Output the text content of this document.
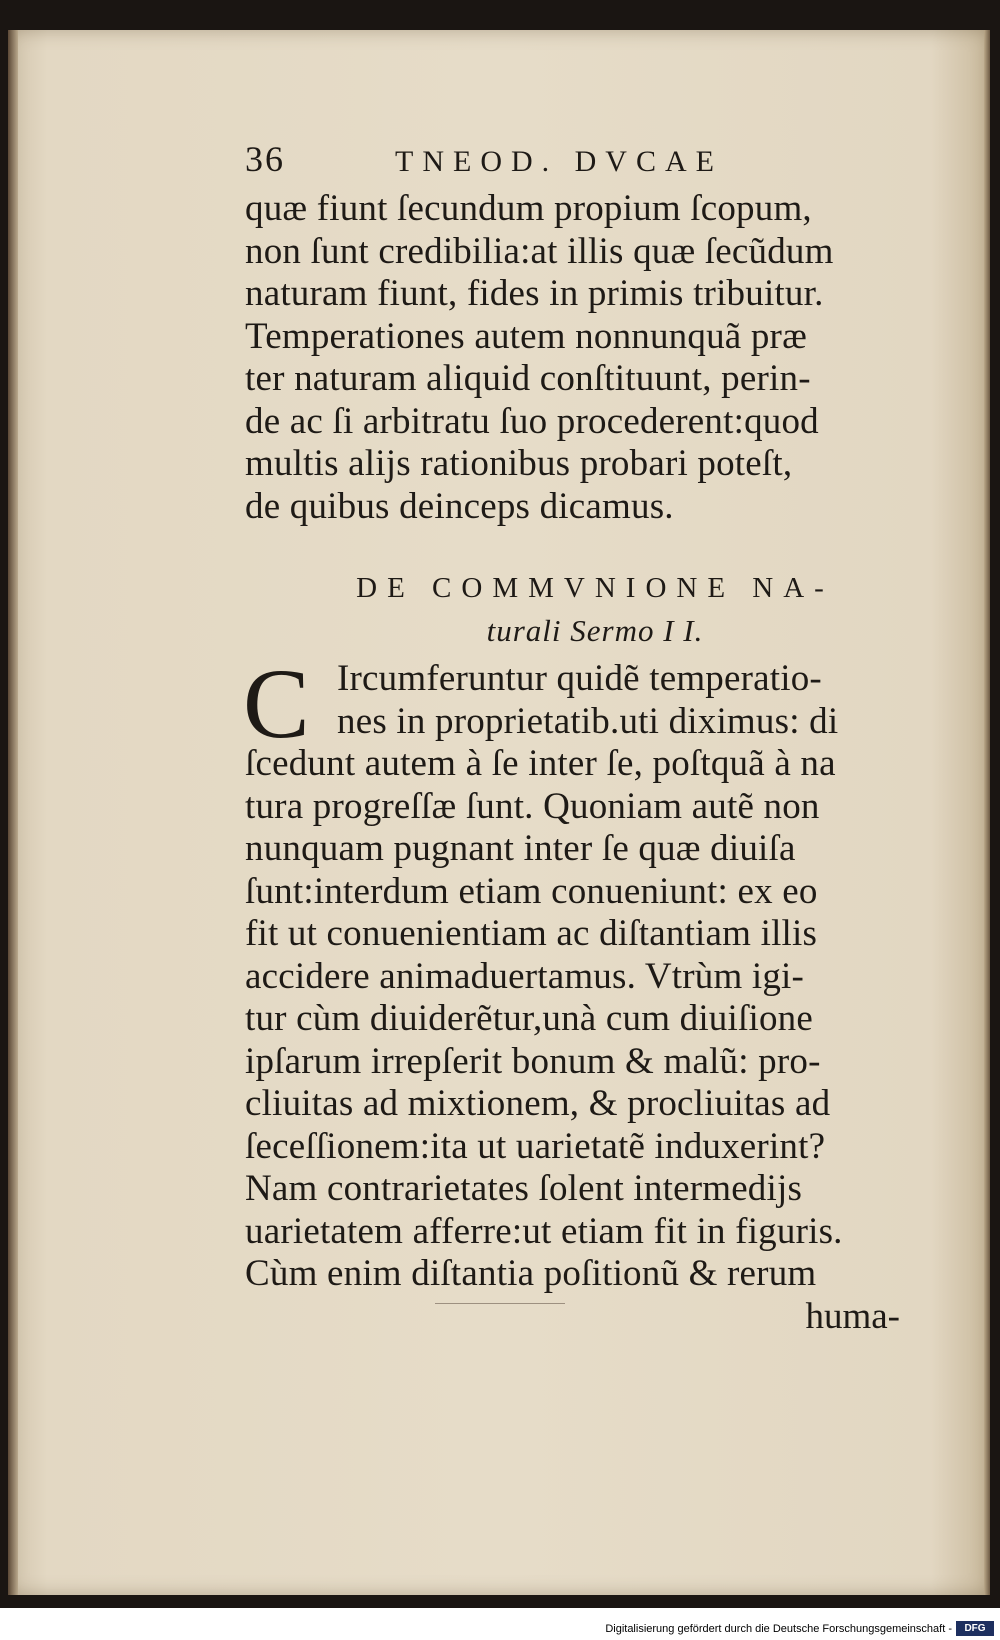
36	TNEOD. DVCAE
quæ fiunt ſecundum propium ſcopum,
non ſunt credibilia:at illis quæ ſecũdum
naturam fiunt, fides in primis tribuitur.
Temperationes autem nonnunquã præ
ter naturam aliquid conſtituunt, perin-
de ac ſi arbitratu ſuo procederent:quod
multis alijs rationibus probari poteſt,
de quibus deinceps dicamus.
DE COMMVNIONE NA-
turali Sermo I I.
C Ircumferuntur quidẽ temperatio-
nes in proprietatib.uti diximus: di
ſcedunt autem à ſe inter ſe, poſtquã à na
tura progreſſæ ſunt. Quoniam autẽ non
nunquam pugnant inter ſe quæ diuiſa
ſunt:interdum etiam conueniunt: ex eo
fit ut conuenientiam ac diſtantiam illis
accidere animaduertamus. Vtrùm igi-
tur cùm diuiderẽtur,unà cum diuiſione
ipſarum irrepſerit bonum & malũ: pro-
cliuitas ad mixtionem, & procliuitas ad
ſeceſſionem:ita ut uarietatẽ induxerint?
Nam contrarietates ſolent intermedijs
uarietatem afferre:ut etiam fit in figuris.
Cùm enim diſtantia poſitionũ & rerum
huma-
Digitalisierung gefördert durch die Deutsche Forschungsgemeinschaft -	DFG
